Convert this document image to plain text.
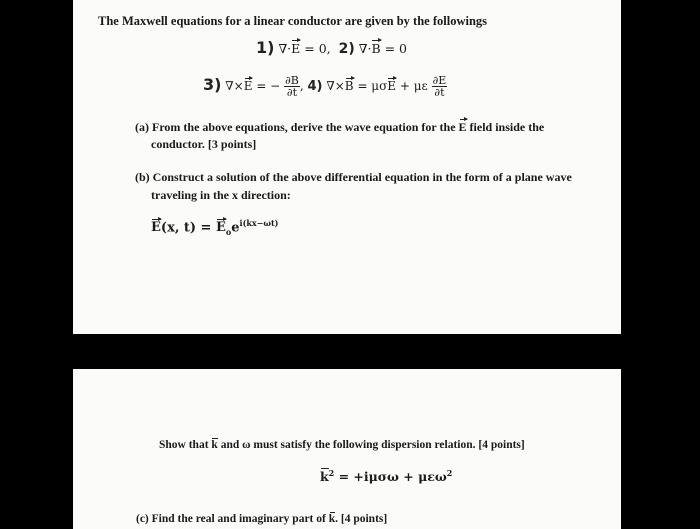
The Maxwell equations for a linear conductor are given by the followings
1) ∇·E = 0, 2) ∇·B = 0
3) ∇×E = − $\frac{\partial B}{\partial t}$ , 4) ∇×B = μσE + με $\frac{\partial E}{\partial t}$
(a) From the above equations, derive the wave equation for the E field inside the
conductor. [3 points]
(b) Construct a solution of the above differential equation in the form of a plane wave
traveling in the x direction:
E(x, $t) = E_oe^{i(kx-\omega t)}$
Show that k and ω must satisfy the following dispersion relation. [4 points]
$k^2 = +i\mu\sigma\omega + \mu\varepsilon\omega^2$
(c) Find the real and imaginary part of k. [4 points]
